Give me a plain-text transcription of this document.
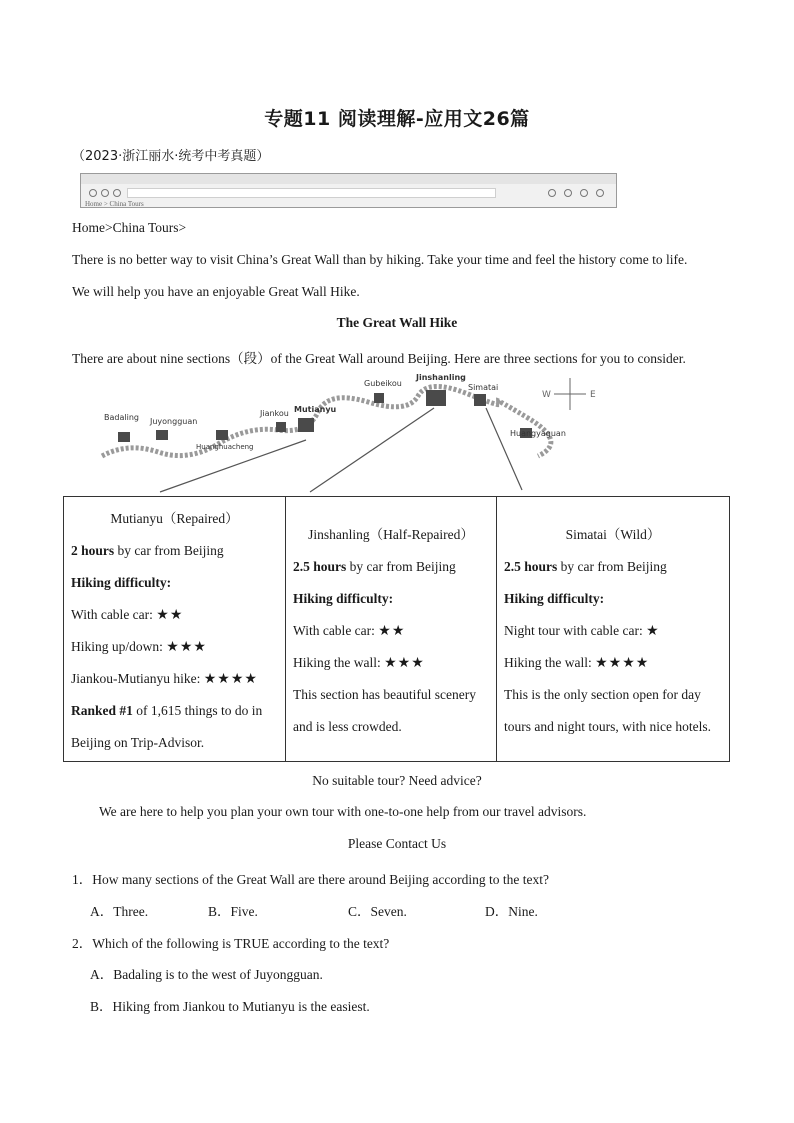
专题11 阅读理解-应用文26篇
（2023·浙江丽水·统考中考真题）
Home > China Tours
Home>China Tours>
There is no better way to visit China’s Great Wall than by hiking. Take your time and feel the history come to life.
We will help you have an enjoyable Great Wall Hike.
The Great Wall Hike
There are about nine sections（段）of the Great Wall around Beijing. Here are three sections for you to consider.
Badaling Juyongguan
Huanghuacheng
Jiankou Mutianyu
Gubeikou
Jinshanling
Simatai
Huangyaguan
W	E
Mutianyu（Repaired）
2 hours by car from Beijing
Hiking difficulty:
With cable car: ★★
Hiking up/down: ★★★
Jiankou-Mutianyu hike: ★★★★
Ranked #1 of 1,615 things to do in
Beijing on Trip-Advisor.

Jinshanling（Half-Repaired）
2.5 hours by car from Beijing
Hiking difficulty:
With cable car: ★★
Hiking the wall: ★★★
This section has beautiful scenery
and is less crowded.

Simatai（Wild）
2.5 hours by car from Beijing
Hiking difficulty:
Night tour with cable car: ★
Hiking the wall: ★★★★
This is the only section open for day
tours and night tours, with nice hotels.
No suitable tour? Need advice?
We are here to help you plan your own tour with one-to-one help from our travel advisors.
Please Contact Us
1．How many sections of the Great Wall are there around Beijing according to the text?
A．Three.	B．Five.	C．Seven.	D．Nine.
2．Which of the following is TRUE according to the text?
A．Badaling is to the west of Juyongguan.
B．Hiking from Jiankou to Mutianyu is the easiest.
